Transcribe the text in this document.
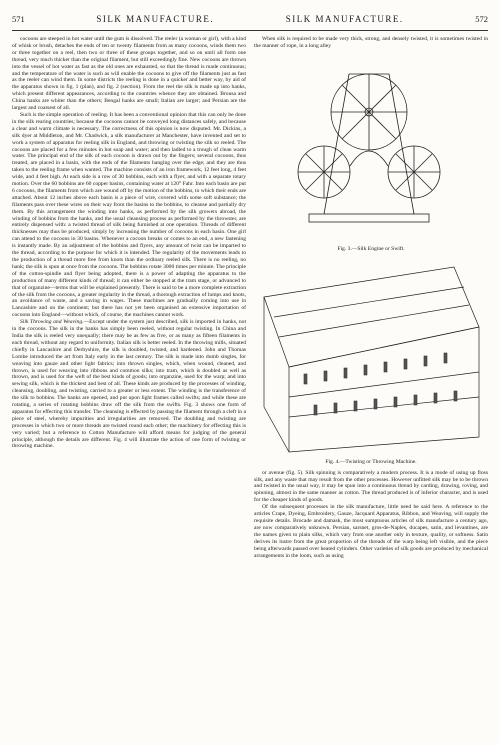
571	SILK MANUFACTURE.	SILK MANUFACTURE.	572

cocoons are steeped in hot water until the gum is dissolved. The reeler (a woman or girl), with a kind of whisk or brush, detaches the ends of ten or twenty filaments from as many cocoons, winds them two or three together on a reel, then two or three of these groups together, and so on until all form one thread, very much thicker than the original filament, but still exceedingly fine. New cocoons are thrown into the vessel of hot water as fast as the old ones are exhausted, so that the thread is made continuous; and the temperature of the water is such as will enable the cocoons to give off the filaments just as fast as the reeler can wind them. In some districts the reeling is done in a quicker and better way, by aid of the apparatus shown in fig. 1 (plan), and fig. 2 (section). From the reel the silk is made up into hanks, which present different appearances, according to the countries whence they are obtained. Brousa and China hanks are whiter than the others; Bengal hanks are small; Italian are larger; and Persian are the largest and coarsest of all.

Such is the simple operation of reeling. It has been a conventional opinion that this can only be done in the silk rearing countries; because the cocoons cannot be conveyed long distances safely, and because a clear and warm climate is necessary. The correctness of this opinion is now disputed. Mr. Dickins, a silk dyer at Middleton, and Mr. Chadwick, a silk manufacturer at Manchester, have invented and set to work a system of apparatus for reeling silk in England, and throwing or twisting the silk so reeled. The cocoons are placed for a few minutes in hot soap and water; and then ladled to a trough of clean warm water. The principal end of the silk of each cocoon is drawn out by the fingers; several cocoons, thus treated, are placed in a basin, with the ends of the filaments hanging over the edge; and they are thus taken to the reeling frame when wanted. The machine consists of an iron framework, 12 feet long, 4 feet wide, and 4 feet high. At each side is a row of 30 bobbins, each with a flyer, and with a separate rotary motion. Over the 60 bobbins are 60 copper basins, containing water at 120° Fahr. Into each basin are put 6 cocoons, the filaments from which are wound off by the motion of the bobbins, to which their ends are attached. About 12 inches above each basin is a piece of wire, covered with some soft substance; the filaments pass over these wires on their way from the basins to the bobbins, to cleanse and partially dry them. By this arrangement the winding into hanks, as performed by the silk growers abroad, the winding of bobbins from the hanks, and the usual cleansing process as performed by the throwster, are entirely dispensed with: a twisted thread of silk being furnished at one operation. Threads of different thicknesses may thus be produced, simply by increasing the number of cocoons in each basin. One girl can attend to the cocoons in 30 basins. Whenever a cocoon breaks or comes to an end, a new fastening is instantly made. By an adjustment of the bobbins and flyers, any amount of twist can be imparted to the thread, according to the purpose for which it is intended. The regularity of the movements leads to the production of a thread more free from knots than the ordinary reeled silk. There is no reeling, no hank; the silk is spun at once from the cocoons. The bobbins rotate 3000 times per minute. The principle of the cotton-spindle and flyer being adopted, there is a power of adapting the apparatus to the production of many different kinds of thread; it can either be stopped at the tram stage, or advanced to that of organzine—terms that will be explained presently. There is said to be a more complete extraction of the silk from the cocoons, a greater regularity in the thread, a thorough extraction of lumps and knots, an avoidance of waste, and a saving in wages. These machines are gradually coming into use in Lancashire and on the continent; but there has not yet been organised an extensive importation of cocoons into England—without which, of course, the machines cannot work.

Silk Throwing and Weaving.—Except under the system just described, silk is imported in hanks, not in the cocoons. The silk in the hanks has simply been reeled, without regular twisting. In China and India the silk is reeled very unequally; there may be as few as five, or as many as fifteen filaments in each thread, without any regard to uniformity. Italian silk is better reeled. In the throwing mills, situated chiefly in Lancashire and Derbyshire, the silk is doubled, twisted, and hardened. John and Thomas Lombe introduced the art from Italy early in the last century. The silk is made into dumb singles, for weaving into gauze and other light fabrics; into thrown singles, which, when wound, cleaned, and thrown, is used for weaving into ribbons and common silks; into tram, which is doubled as well as thrown, and is used for the weft of the best kinds of goods; into organzine, used for the warp; and into sewing silk, which is the thickest and best of all. These kinds are produced by the processes of winding, cleansing, doubling, and twisting, carried to a greater or less extent. The winding is the transference of the silk to bobbins. The hanks are opened, and put upon light frames called swifts; and while these are rotating, a series of rotating bobbins draw off the silk from the swifts. Fig. 3 shows one form of apparatus for effecting this transfer. The cleansing is effected by passing the filament through a cleft in a piece of steel, whereby impurities and irregularities are removed. The doubling and twisting are processes in which two or more threads are twisted round each other; the machinery for effecting this is very varied; but a reference to Cotton Manufacture will afford means for judging of the general principle, although the details are different. Fig. 4 will illustrate the action of one form of twisting or throwing machine.

When silk is required to be made very thick, strong, and densely twisted, it is sometimes twisted in the manner of rope, in a long alley

Fig. 3.—Silk Engine or Swift.
Fig. 4.—Twisting or Throwing Machine.

or avenue (fig. 5). Silk spinning is comparatively a modern process. It is a mode of using up floss silk, and any waste that may result from the other processes. However unfitted silk may be to be thrown and twisted in the usual way, it may be spun into a continuous thread by carding, drawing, roving, and spinning, almost in the same manner as cotton. The thread produced is of inferior character, and is used for the cheaper kinds of goods.

Of the subsequent processes in the silk manufacture, little need be said here. A reference to the articles Crape, Dyeing, Embroidery, Gauze, Jacquard Apparatus, Ribbon, and Weaving, will supply the requisite details. Brocade and damask, the most sumptuous articles of silk manufacture a century ago, are now comparatively unknown. Persian, sarsnet, gros-de-Naples, ducapes, satin, and levantines, are the names given to plain silks, which vary from one another only in texture, quality, or softness. Satin derives its lustre from the great proportion of the threads of the warp being left visible, and the piece being afterwards passed over heated cylinders. Other varieties of silk goods are produced by mechanical arrangements in the loom, such as using
